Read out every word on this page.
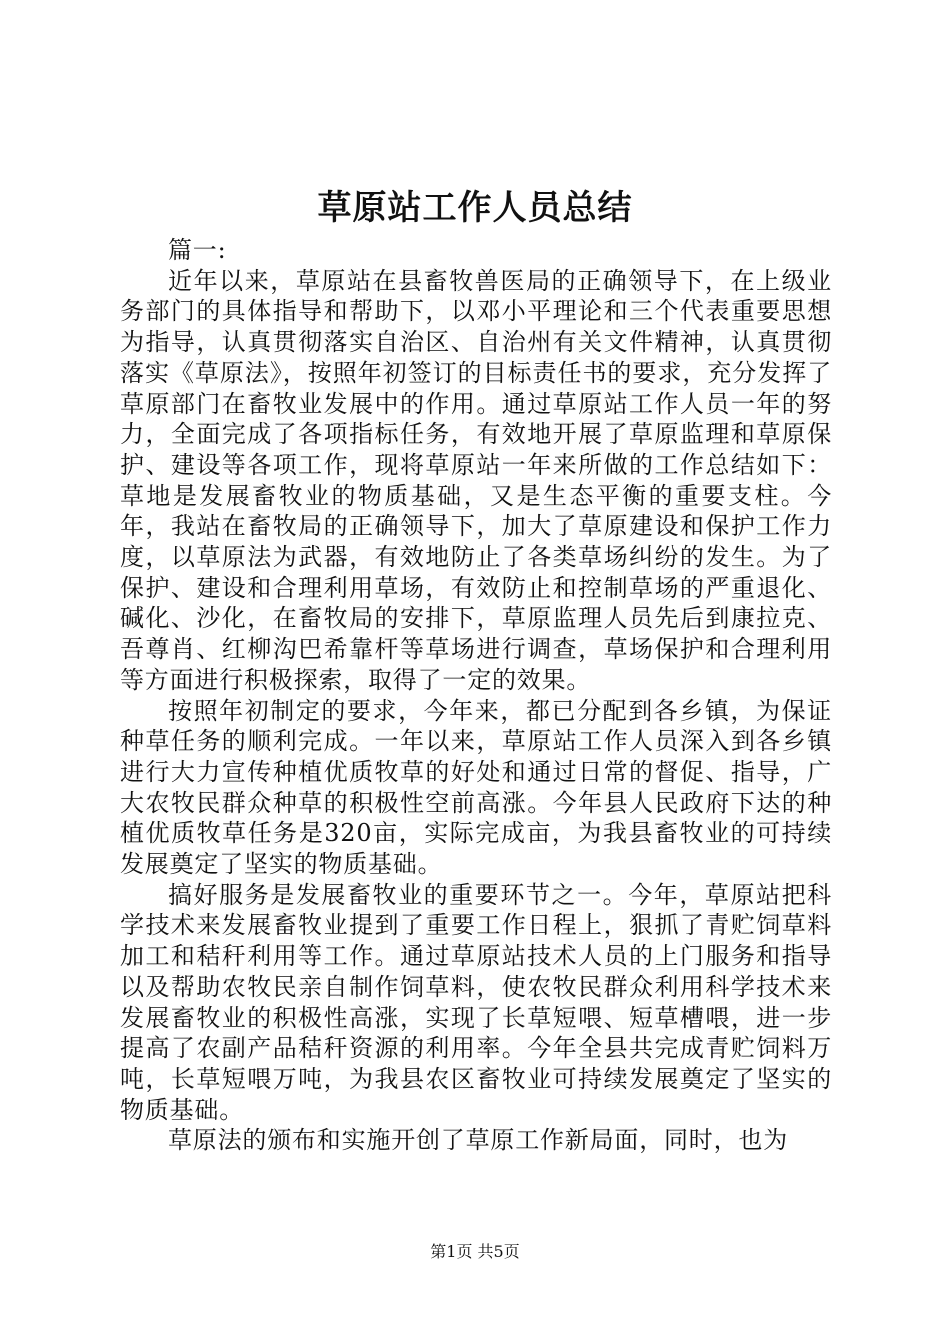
草原站工作人员总结

篇一:

近年以来，草原站在县畜牧兽医局的正确领导下，在上级业务部门的具体指导和帮助下，以邓小平理论和三个代表重要思想为指导，认真贯彻落实自治区、自治州有关文件精神，认真贯彻落实《草原法》，按照年初签订的目标责任书的要求，充分发挥了草原部门在畜牧业发展中的作用。通过草原站工作人员一年的努力，全面完成了各项指标任务，有效地开展了草原监理和草原保护、建设等各项工作，现将草原站一年来所做的工作总结如下：草地是发展畜牧业的物质基础，又是生态平衡的重要支柱。今年，我站在畜牧局的正确领导下，加大了草原建设和保护工作力度，以草原法为武器，有效地防止了各类草场纠纷的发生。为了保护、建设和合理利用草场，有效防止和控制草场的严重退化、碱化、沙化，在畜牧局的安排下，草原监理人员先后到康拉克、吾尊肖、红柳沟巴希靠杆等草场进行调查，草场保护和合理利用等方面进行积极探索，取得了一定的效果。

按照年初制定的要求，今年来，都已分配到各乡镇，为保证种草任务的顺利完成。一年以来，草原站工作人员深入到各乡镇进行大力宣传种植优质牧草的好处和通过日常的督促、指导，广大农牧民群众种草的积极性空前高涨。今年县人民政府下达的种植优质牧草任务是320亩，实际完成亩，为我县畜牧业的可持续发展奠定了坚实的物质基础。

搞好服务是发展畜牧业的重要环节之一。今年，草原站把科学技术来发展畜牧业提到了重要工作日程上，狠抓了青贮饲草料加工和秸秆利用等工作。通过草原站技术人员的上门服务和指导以及帮助农牧民亲自制作饲草料，使农牧民群众利用科学技术来发展畜牧业的积极性高涨，实现了长草短喂、短草槽喂，进一步提高了农副产品秸秆资源的利用率。今年全县共完成青贮饲料万吨，长草短喂万吨，为我县农区畜牧业可持续发展奠定了坚实的物质基础。

草原法的颁布和实施开创了草原工作新局面，同时，也为

第1页 共5页
